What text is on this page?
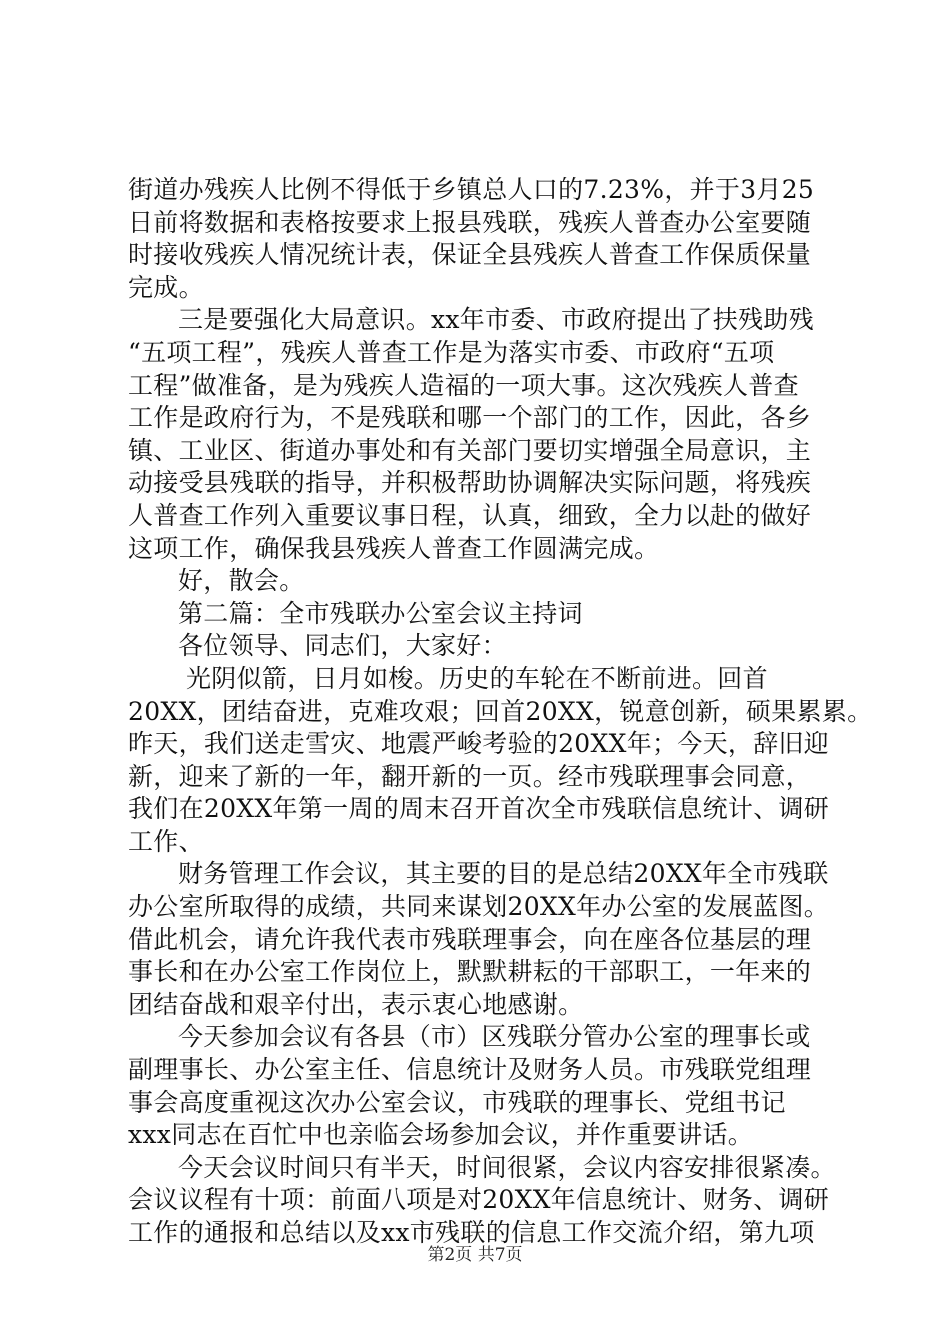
街道办残疾人比例不得低于乡镇总人口的7.23%，并于3月25
日前将数据和表格按要求上报县残联，残疾人普查办公室要随
时接收残疾人情况统计表，保证全县残疾人普查工作保质保量
完成。
三是要强化大局意识。xx年市委、市政府提出了扶残助残
“五项工程”，残疾人普查工作是为落实市委、市政府“五项
工程”做准备，是为残疾人造福的一项大事。这次残疾人普查
工作是政府行为，不是残联和哪一个部门的工作，因此，各乡
镇、工业区、街道办事处和有关部门要切实增强全局意识，主
动接受县残联的指导，并积极帮助协调解决实际问题，将残疾
人普查工作列入重要议事日程，认真，细致，全力以赴的做好
这项工作，确保我县残疾人普查工作圆满完成。
好，散会。
第二篇：全市残联办公室会议主持词
各位领导、同志们，大家好：
光阴似箭，日月如梭。历史的车轮在不断前进。回首
20XX，团结奋进，克难攻艰；回首20XX，锐意创新，硕果累累。
昨天，我们送走雪灾、地震严峻考验的20XX年；今天，辞旧迎
新，迎来了新的一年，翻开新的一页。经市残联理事会同意，
我们在20XX年第一周的周末召开首次全市残联信息统计、调研
工作、
财务管理工作会议，其主要的目的是总结20XX年全市残联
办公室所取得的成绩，共同来谋划20XX年办公室的发展蓝图。
借此机会，请允许我代表市残联理事会，向在座各位基层的理
事长和在办公室工作岗位上，默默耕耘的干部职工，一年来的
团结奋战和艰辛付出，表示衷心地感谢。
今天参加会议有各县（市）区残联分管办公室的理事长或
副理事长、办公室主任、信息统计及财务人员。市残联党组理
事会高度重视这次办公室会议，市残联的理事长、党组书记
xxx同志在百忙中也亲临会场参加会议，并作重要讲话。
今天会议时间只有半天，时间很紧，会议内容安排很紧凑。
会议议程有十项：前面八项是对20XX年信息统计、财务、调研
工作的通报和总结以及xx市残联的信息工作交流介绍，第九项
第2页 共7页
